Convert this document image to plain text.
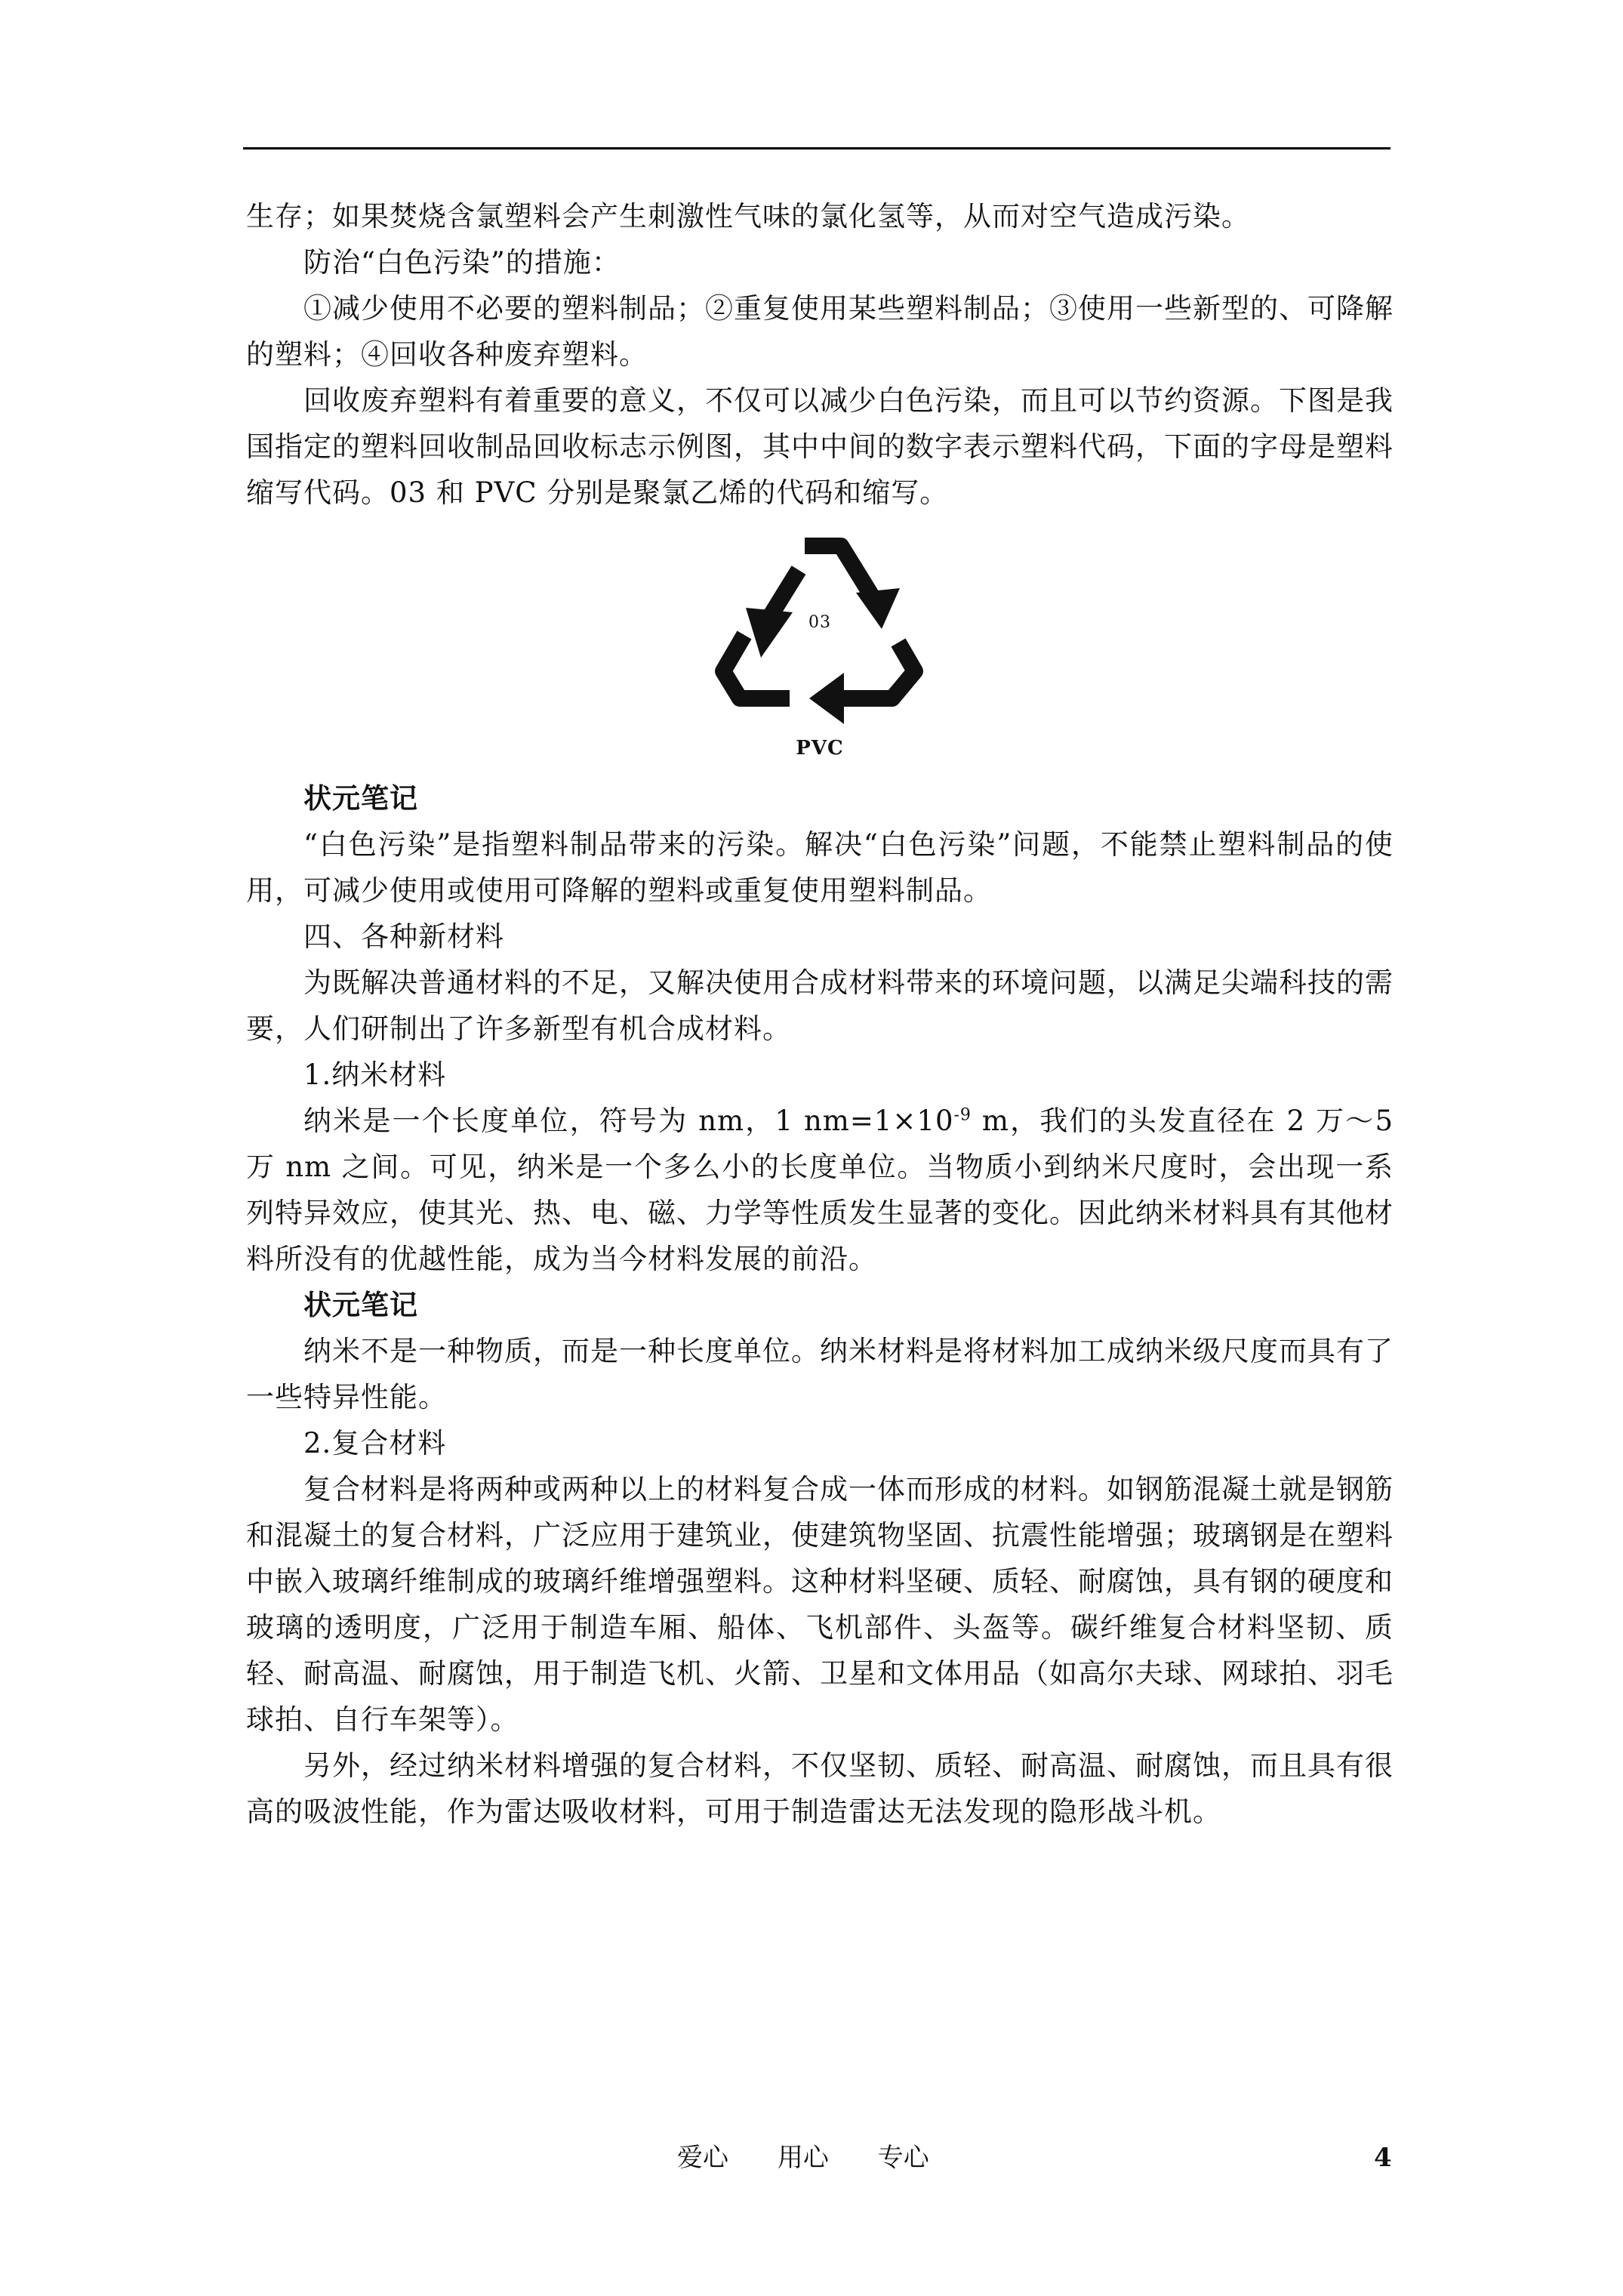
生存；如果焚烧含氯塑料会产生刺激性气味的氯化氢等，从而对空气造成污染。

防治“白色污染”的措施：

①减少使用不必要的塑料制品；②重复使用某些塑料制品；③使用一些新型的、可降解的塑料；④回收各种废弃塑料。

回收废弃塑料有着重要的意义，不仅可以减少白色污染，而且可以节约资源。下图是我国指定的塑料回收制品回收标志示例图，其中中间的数字表示塑料代码，下面的字母是塑料缩写代码。03 和 PVC 分别是聚氯乙烯的代码和缩写。

03
PVC

状元笔记

“白色污染”是指塑料制品带来的污染。解决“白色污染”问题，不能禁止塑料制品的使用，可减少使用或使用可降解的塑料或重复使用塑料制品。

四、各种新材料

为既解决普通材料的不足，又解决使用合成材料带来的环境问题，以满足尖端科技的需要，人们研制出了许多新型有机合成材料。

1.纳米材料

纳米是一个长度单位，符号为 nm，1 $nm=1\times 10^{-9}$ m，我们的头发直径在 2 万～5 万 nm 之间。可见，纳米是一个多么小的长度单位。当物质小到纳米尺度时，会出现一系列特异效应，使其光、热、电、磁、力学等性质发生显著的变化。因此纳米材料具有其他材料所没有的优越性能，成为当今材料发展的前沿。

状元笔记

纳米不是一种物质，而是一种长度单位。纳米材料是将材料加工成纳米级尺度而具有了一些特异性能。

2.复合材料

复合材料是将两种或两种以上的材料复合成一体而形成的材料。如钢筋混凝土就是钢筋和混凝土的复合材料，广泛应用于建筑业，使建筑物坚固、抗震性能增强；玻璃钢是在塑料中嵌入玻璃纤维制成的玻璃纤维增强塑料。这种材料坚硬、质轻、耐腐蚀，具有钢的硬度和玻璃的透明度，广泛用于制造车厢、船体、飞机部件、头盔等。碳纤维复合材料坚韧、质轻、耐高温、耐腐蚀，用于制造飞机、火箭、卫星和文体用品（如高尔夫球、网球拍、羽毛球拍、自行车架等）。

另外，经过纳米材料增强的复合材料，不仅坚韧、质轻、耐高温、耐腐蚀，而且具有很高的吸波性能，作为雷达吸收材料，可用于制造雷达无法发现的隐形战斗机。

爱心      用心      专心	4
